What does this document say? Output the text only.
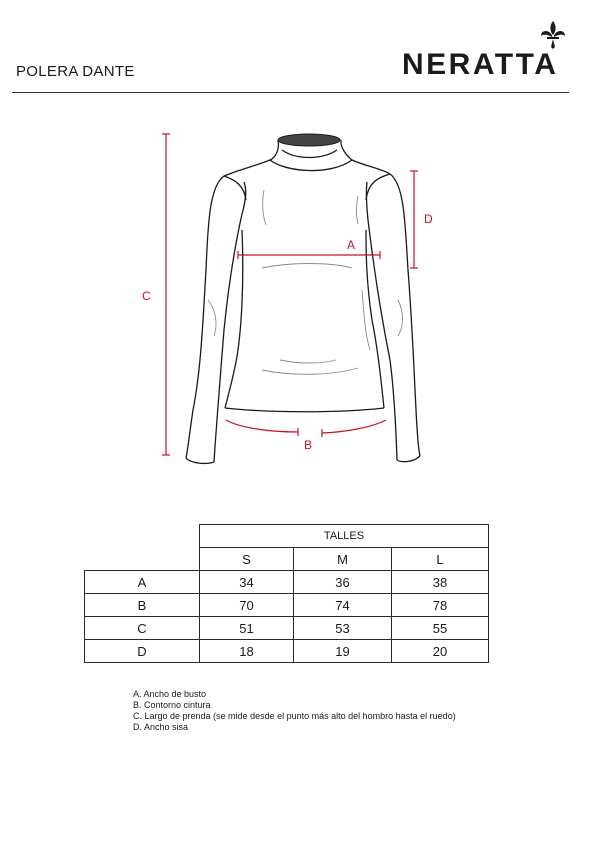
POLERA DANTE	NERATTA
C
D
A
B
	TALLES		
	S	M	L
A	34	36	38
B	70	74	78
C	51	53	55
D	18	19	20
A. Ancho de busto
B. Contorno cintura
C. Largo de prenda (se mide desde el punto más alto del hombro hasta el ruedo)
D. Ancho sisa
